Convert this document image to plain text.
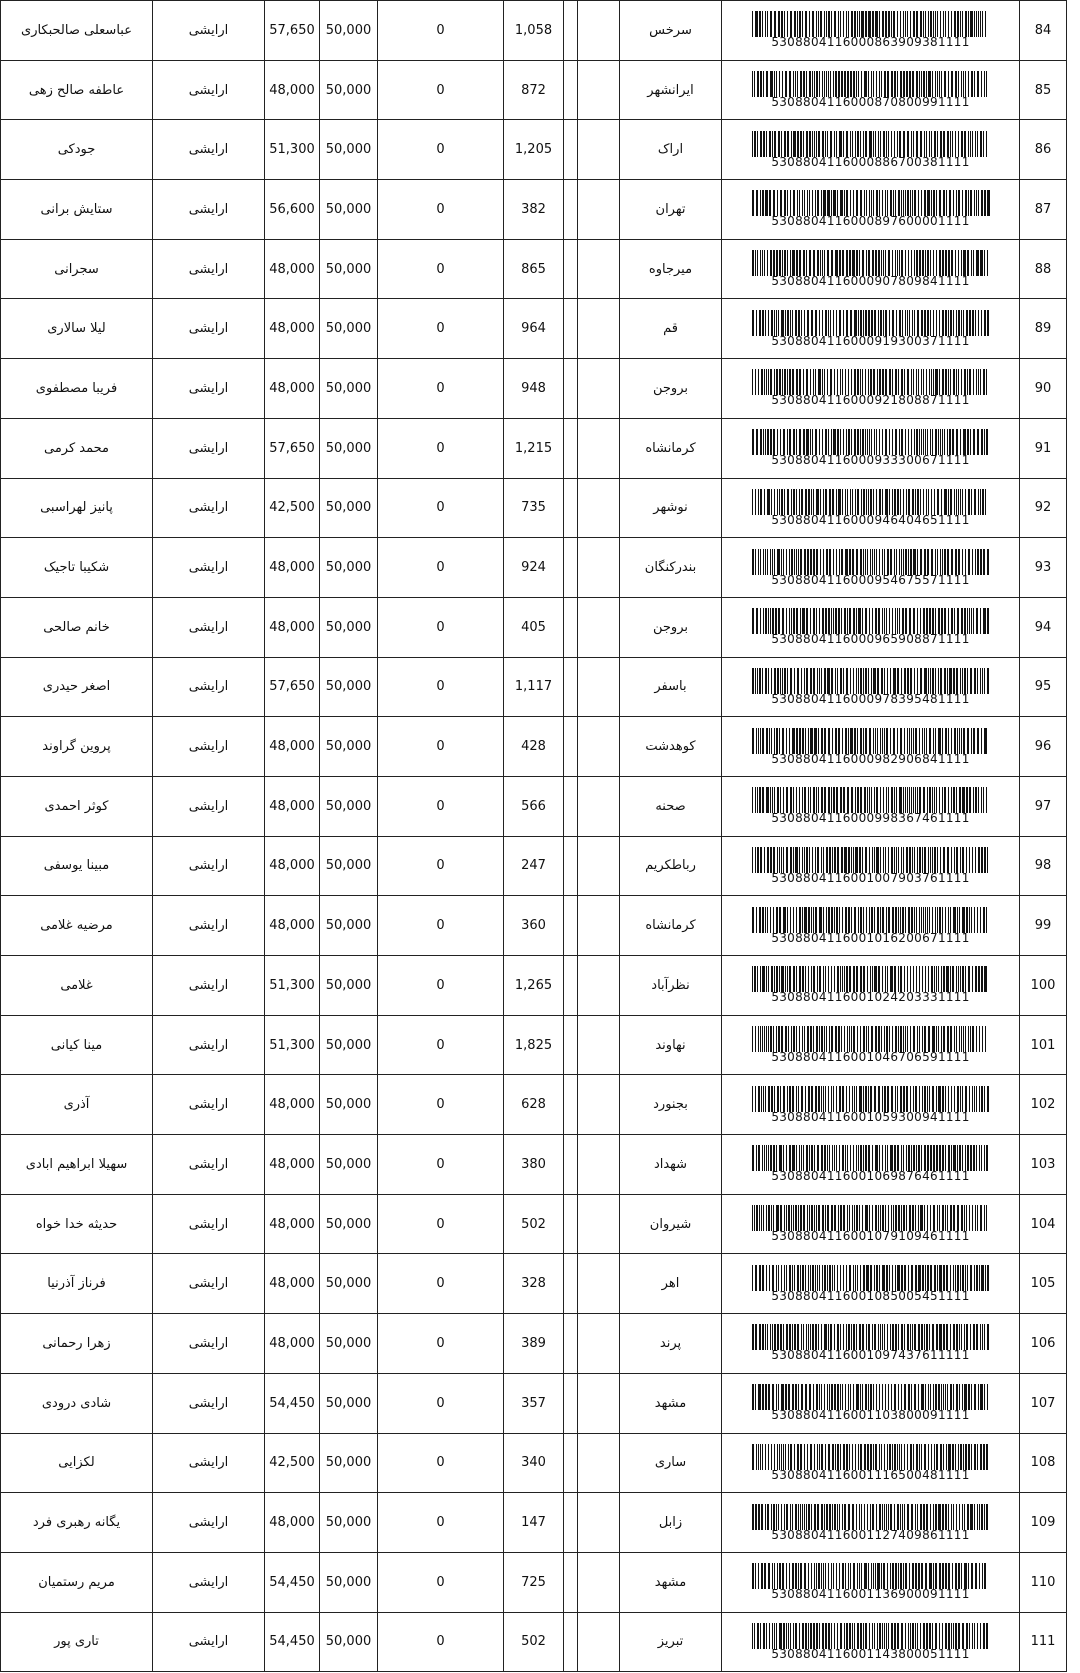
عباسعلی صالحبکاری	ارایشی	57,650	50,000	0	1,058			سرخس	5308804116000863909381111	84
عاطفه صالح زهی	ارایشی	48,000	50,000	0	872			ایرانشهر	5308804116000870800991111	85
جودکی	ارایشی	51,300	50,000	0	1,205			اراک	5308804116000886700381111	86
ستایش برانی	ارایشی	56,600	50,000	0	382			تهران	5308804116000897600001111	87
سجرانی	ارایشی	48,000	50,000	0	865			میرجاوه	5308804116000907809841111	88
لیلا سالاری	ارایشی	48,000	50,000	0	964			قم	5308804116000919300371111	89
فریبا مصطفوی	ارایشی	48,000	50,000	0	948			بروجن	5308804116000921808871111	90
محمد کرمی	ارایشی	57,650	50,000	0	1,215			کرمانشاه	5308804116000933300671111	91
پانیز لهراسبی	ارایشی	42,500	50,000	0	735			نوشهر	5308804116000946404651111	92
شکیبا تاجیک	ارایشی	48,000	50,000	0	924			بندرکنگان	5308804116000954675571111	93
خانم صالحی	ارایشی	48,000	50,000	0	405			بروجن	5308804116000965908871111	94
اصغر حیدری	ارایشی	57,650	50,000	0	1,117			باسفر	5308804116000978395481111	95
پروین گراوند	ارایشی	48,000	50,000	0	428			کوهدشت	5308804116000982906841111	96
کوثر احمدی	ارایشی	48,000	50,000	0	566			صحنه	5308804116000998367461111	97
مبینا یوسفی	ارایشی	48,000	50,000	0	247			رباطکریم	5308804116001007903761111	98
مرضیه غلامی	ارایشی	48,000	50,000	0	360			کرمانشاه	5308804116001016200671111	99
غلامی	ارایشی	51,300	50,000	0	1,265			نظرآباد	5308804116001024203331111	100
مینا کیانی	ارایشی	51,300	50,000	0	1,825			نهاوند	5308804116001046706591111	101
آذری	ارایشی	48,000	50,000	0	628			بجنورد	5308804116001059300941111	102
سهیلا ابراهیم ابادی	ارایشی	48,000	50,000	0	380			شهداد	5308804116001069876461111	103
حدیثه خدا خواه	ارایشی	48,000	50,000	0	502			شیروان	5308804116001079109461111	104
فرناز آذرنیا	ارایشی	48,000	50,000	0	328			اهر	5308804116001085005451111	105
زهرا رحمانی	ارایشی	48,000	50,000	0	389			پرند	5308804116001097437611111	106
شادی درودی	ارایشی	54,450	50,000	0	357			مشهد	5308804116001103800091111	107
لکزایی	ارایشی	42,500	50,000	0	340			ساری	5308804116001116500481111	108
یگانه رهبری فرد	ارایشی	48,000	50,000	0	147			زابل	5308804116001127409861111	109
مریم رستمیان	ارایشی	54,450	50,000	0	725			مشهد	5308804116001136900091111	110
تاری پور	ارایشی	54,450	50,000	0	502			تبریز	5308804116001143800051111	111
